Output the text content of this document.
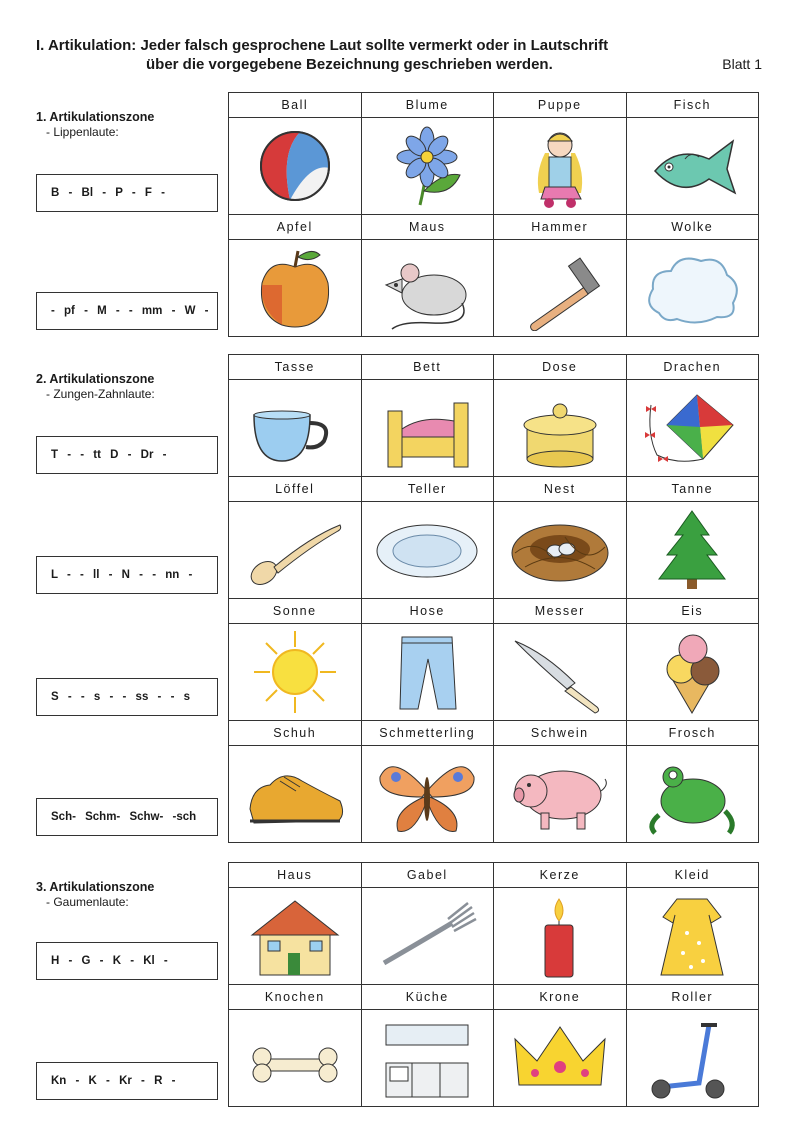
I. Artikulation: Jeder falsch gesprochene Laut sollte vermerkt oder in Lautschrift
über die vorgegebene Bezeichnung geschrieben werden.	Blatt 1
1. Artikulationszone
- Lippenlaute:
B - Bl - P - F -
- pf - M - - mm - W -
Ball	Blume	Puppe	Fisch
Apfel	Maus	Hammer	Wolke
2. Artikulationszone
- Zungen-Zahnlaute:
T - - tt D - Dr -
L - - ll - N - - nn -
S - - s - - ss - - s
Sch- Schm- Schw- -sch
Tasse	Bett	Dose	Drachen
Löffel	Teller	Nest	Tanne
Sonne	Hose	Messer	Eis
Schuh	Schmetterling	Schwein	Frosch
3. Artikulationszone
- Gaumenlaute:
H - G - K - Kl -
Kn - K - Kr - R -
Haus	Gabel	Kerze	Kleid
Knochen	Küche	Krone	Roller
